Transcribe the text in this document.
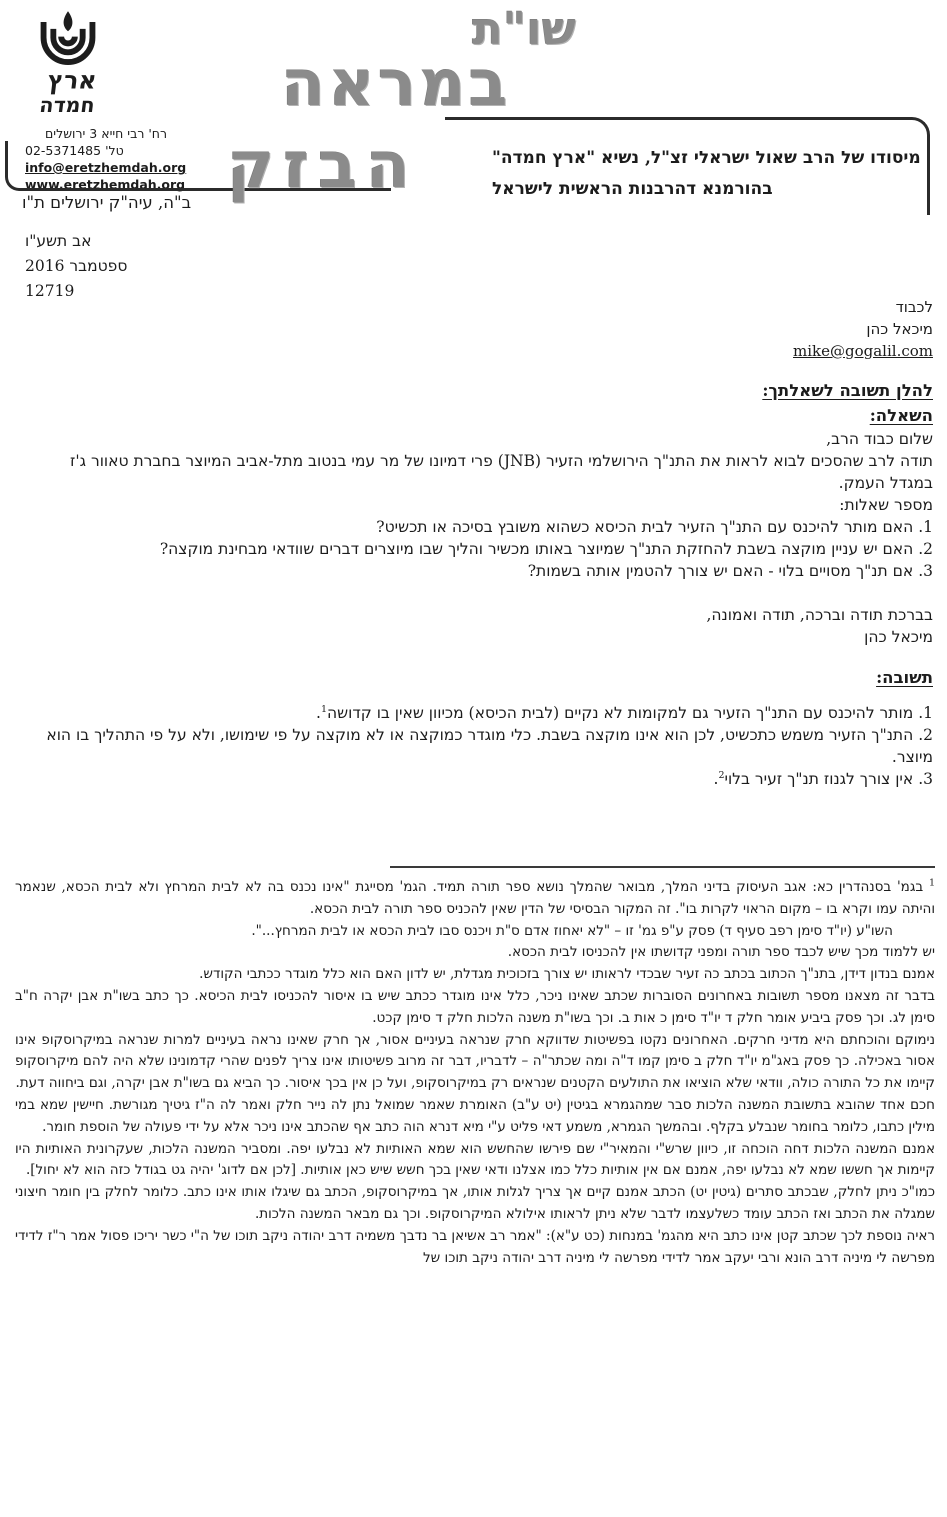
ארץ
חמדה
רח' רבי חייא 3 ירושלים
טל' 02-5371485
info@eretzhemdah.org
www.eretzhemdah.org
ב"ה, עיה"ק ירושלים ת"ו
שו"ת
במראה
הבזק	מיסודו של הרב שאול ישראלי זצ"ל, נשיא "ארץ חמדה"
בהורמנא דהרבנות הראשית לישראל
אב תשע"ו
ספטמבר 2016
12719
לכבוד
מיכאל כהן
mike@gogalil.com
להלן תשובה לשאלתך:
השאלה:

שלום כבוד הרב,

תודה לרב שהסכים לבוא לראות את התנ"ך הירושלמי הזעיר (JNB) פרי דמיונו של מר עמי בנטוב מתל-אביב המיוצר בחברת טאוור ג'ז במגדל העמק.

מספר שאלות:

1. האם מותר להיכנס עם התנ"ך הזעיר לבית הכיסא כשהוא משובץ בסיכה או תכשיט?

2. האם יש עניין מוקצה בשבת להחזקת התנ"ך שמיוצר באותו מכשיר והליך שבו מיוצרים דברים שוודאי מבחינת מוקצה?

3. אם תנ"ך מסויים בלוי - האם יש צורך להטמין אותה בשמות?

בברכת תודה וברכה, תודה ואמונה,

מיכאל כהן

תשובה:

1. מותר להיכנס עם התנ"ך הזעיר גם למקומות לא נקיים (לבית הכיסא) מכיוון שאין בו קדושה$^1$.

2. התנ"ך הזעיר משמש כתכשיט, לכן הוא אינו מוקצה בשבת. כלי מוגדר כמוקצה או לא מוקצה על פי שימושו, ולא על פי התהליך בו הוא מיוצר.

3. אין צורך לגנוז תנ"ך זעיר בלוי$^2$.

$^1$ בגמ' בסנהדרין כא: אגב העיסוק בדיני המלך, מבואר שהמלך נושא ספר תורה תמיד. הגמ' מסייגת "אינו נכנס בה לא לבית המרחץ ולא לבית הכסא, שנאמר והיתה עמו וקרא בו – מקום הראוי לקרות בו". זה המקור הבסיסי של הדין שאין להכניס ספר תורה לבית הכסא.

השו"ע (יו"ד סימן רפב סעיף ד) פסק ע"פ גמ' זו – "לא יאחוז אדם ס"ת ויכנס סבו לבית הכסא או לבית המרחץ...".

יש ללמוד מכך שיש לכבד ספר תורה ומפני קדושתו אין להכניסו לבית הכסא.

אמנם בנדון דידן, בתנ"ך הכתוב בכתב כה זעיר שבכדי לראותו יש צורך בזכוכית מגדלת, יש לדון האם הוא כלל מוגדר ככתבי הקודש.

בדבר זה מצאנו מספר תשובות באחרונים הסוברות שכתב שאינו ניכר, כלל אינו מוגדר ככתב שיש בו איסור להכניסו לבית הכיסא. כך כתב בשו"ת אבן יקרה ח"ב סימן לג. וכך פסק ביביע אומר חלק ד יו"ד סימן כ אות ב. וכך בשו"ת משנה הלכות חלק ד סימן קכט.

נימוקם והוכחתם היא מדיני חרקים. האחרונים נקטו בפשיטות שדווקא חרק שנראה בעיניים אסור, אך חרק שאינו נראה בעיניים למרות שנראה במיקרוסקופ אינו אסור באכילה. כך פסק באג"מ יו"ד חלק ב סימן קמו ד"ה ומה שכתר"ה – לדבריו, דבר זה מרוב פשיטותו אינו צריך לפנים שהרי קדמונינו שלא היה להם מיקרוסקופ קיימו את כל התורה כולה, וודאי שלא הוציאו את התולעים הקטנים שנראים רק במיקרוסקופ, ועל כן אין בכך איסור. כך הביא גם בשו"ת אבן יקרה, וגם ביחווה דעת.

חכם אחד שהובא בתשובת המשנה הלכות סבר שמהגמרא בגיטין (יט ע"ב) האומרת שאמר שמואל נתן לה נייר חלק ואמר לה ה"ז גיטיך מגורשת. חיישין שמא במי מילין כתבו, כלומר בחומר שנבלע בקלף. ובהמשך הגמרא, משמע דאי פליט ע"י מיא דנרא הוה כתב אף שהכתב אינו ניכר אלא על ידי פעולה של הוספת חומר.

אמנם המשנה הלכות דחה הוכחה זו, כיוון שרש"י והמאיר"י שם פירשו שהחשש הוא שמא האותיות לא נבלעו יפה. ומסביר המשנה הלכות, שעקרונית האותיות היו קיימות אך חששו שמא לא נבלעו יפה, אמנם אם אין אותיות כלל כמו אצלנו ודאי שאין בכך חשש שיש כאן אותיות. [לכן אם לדוג' יהיה גט בגודל כזה הוא לא יחול].

כמו"כ ניתן לחלק, שבכתב סתרים (גיטין יט) הכתב אמנם קיים אך צריך לגלות אותו, אך במיקרוסקופ, הכתב גם שיגלו אותו אינו כתב. כלומר לחלק בין חומר חיצוני שמגלה את הכתב ואז הכתב עומד כשלעצמו לדבר שלא ניתן לראותו אילולא המיקרוסקופ. וכך גם מבאר המשנה הלכות.

ראיה נוספת לכך שכתב קטן אינו כתב היא מהגמ' במנחות (כט ע"א): "אמר רב אשיאן בר נדבך משמיה דרב יהודה ניקב תוכו של ה"י כשר יריכו פסול אמר ר"ז לדידי מפרשה לי מיניה דרב הונא ורבי יעקב אמר לדידי מפרשה לי מיניה דרב יהודה ניקב תוכו של
